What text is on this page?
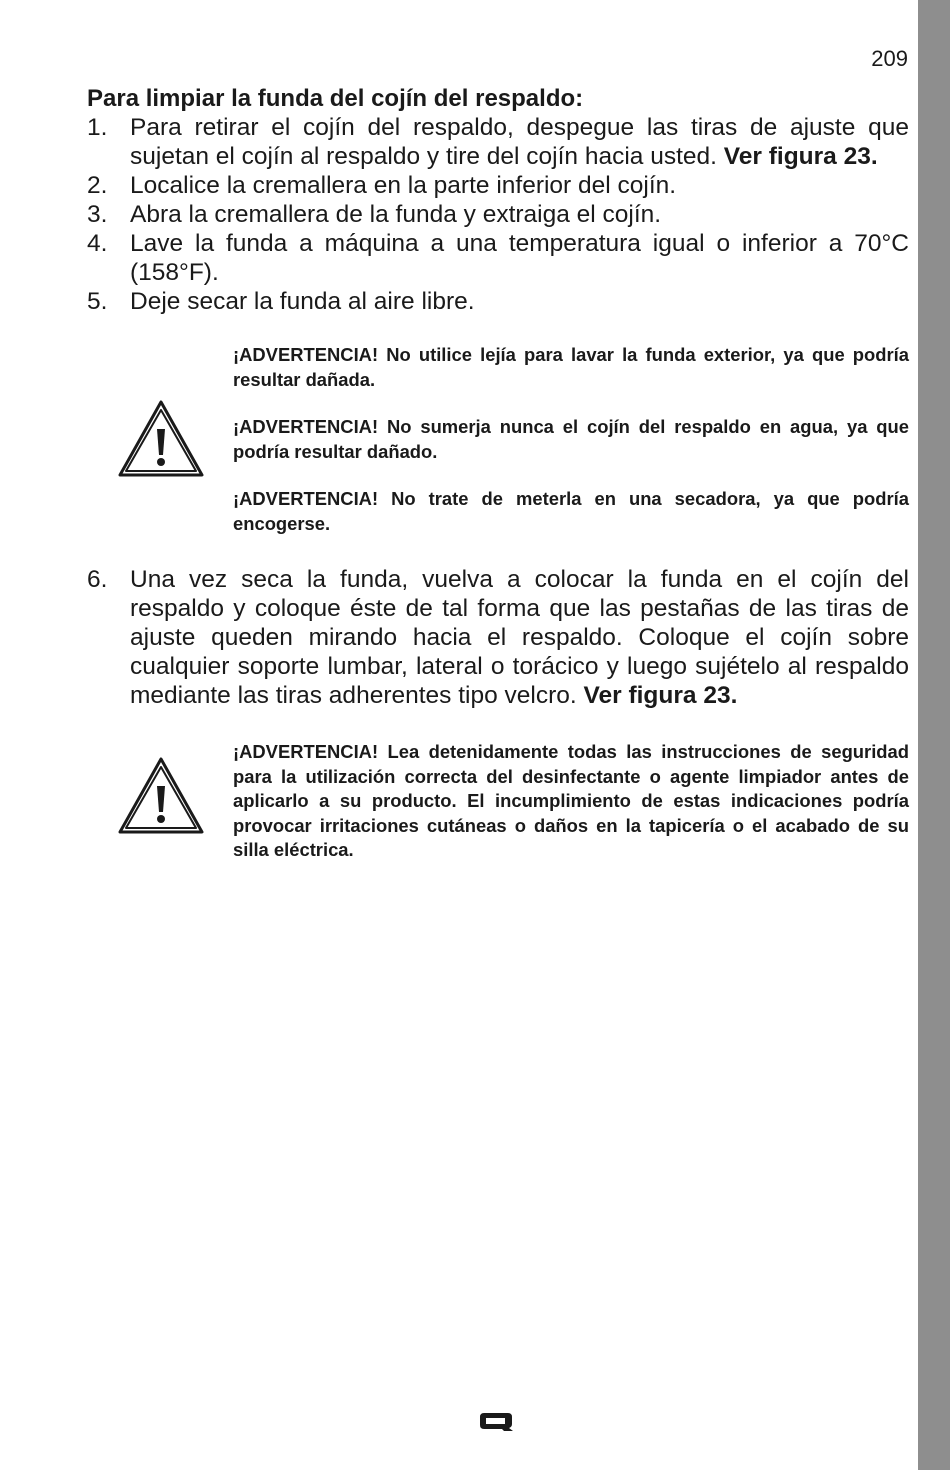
209
Para limpiar la funda del cojín del respaldo:
1. Para retirar el cojín del respaldo, despegue las tiras de ajuste que sujetan el cojín al respaldo y tire del cojín hacia usted. Ver figura 23.
2. Localice la cremallera en la parte inferior del cojín.
3. Abra la cremallera de la funda y extraiga el cojín.
4. Lave la funda a máquina a una temperatura igual o inferior a 70°C (158°F).
5. Deje secar la funda al aire libre.
¡ADVERTENCIA! No utilice lejía para lavar la funda exterior, ya que podría resultar dañada.
¡ADVERTENCIA! No sumerja nunca el cojín del respaldo en agua, ya que podría resultar dañado.
¡ADVERTENCIA! No trate de meterla en una secadora, ya que podría encogerse.
6. Una vez seca la funda, vuelva a colocar la funda en el cojín del respaldo y coloque éste de tal forma que las pestañas de las tiras de ajuste queden mirando hacia el respaldo. Coloque el cojín sobre cualquier soporte lumbar, lateral o torácico y luego sujételo al respaldo mediante las tiras adherentes tipo velcro. Ver figura 23.
¡ADVERTENCIA! Lea detenidamente todas las instrucciones de seguridad para la utilización correcta del desinfectante o agente limpiador antes de aplicarlo a su producto. El incumplimiento de estas indicaciones podría provocar irritaciones cutáneas o daños en la tapicería o el acabado de su silla eléctrica.
